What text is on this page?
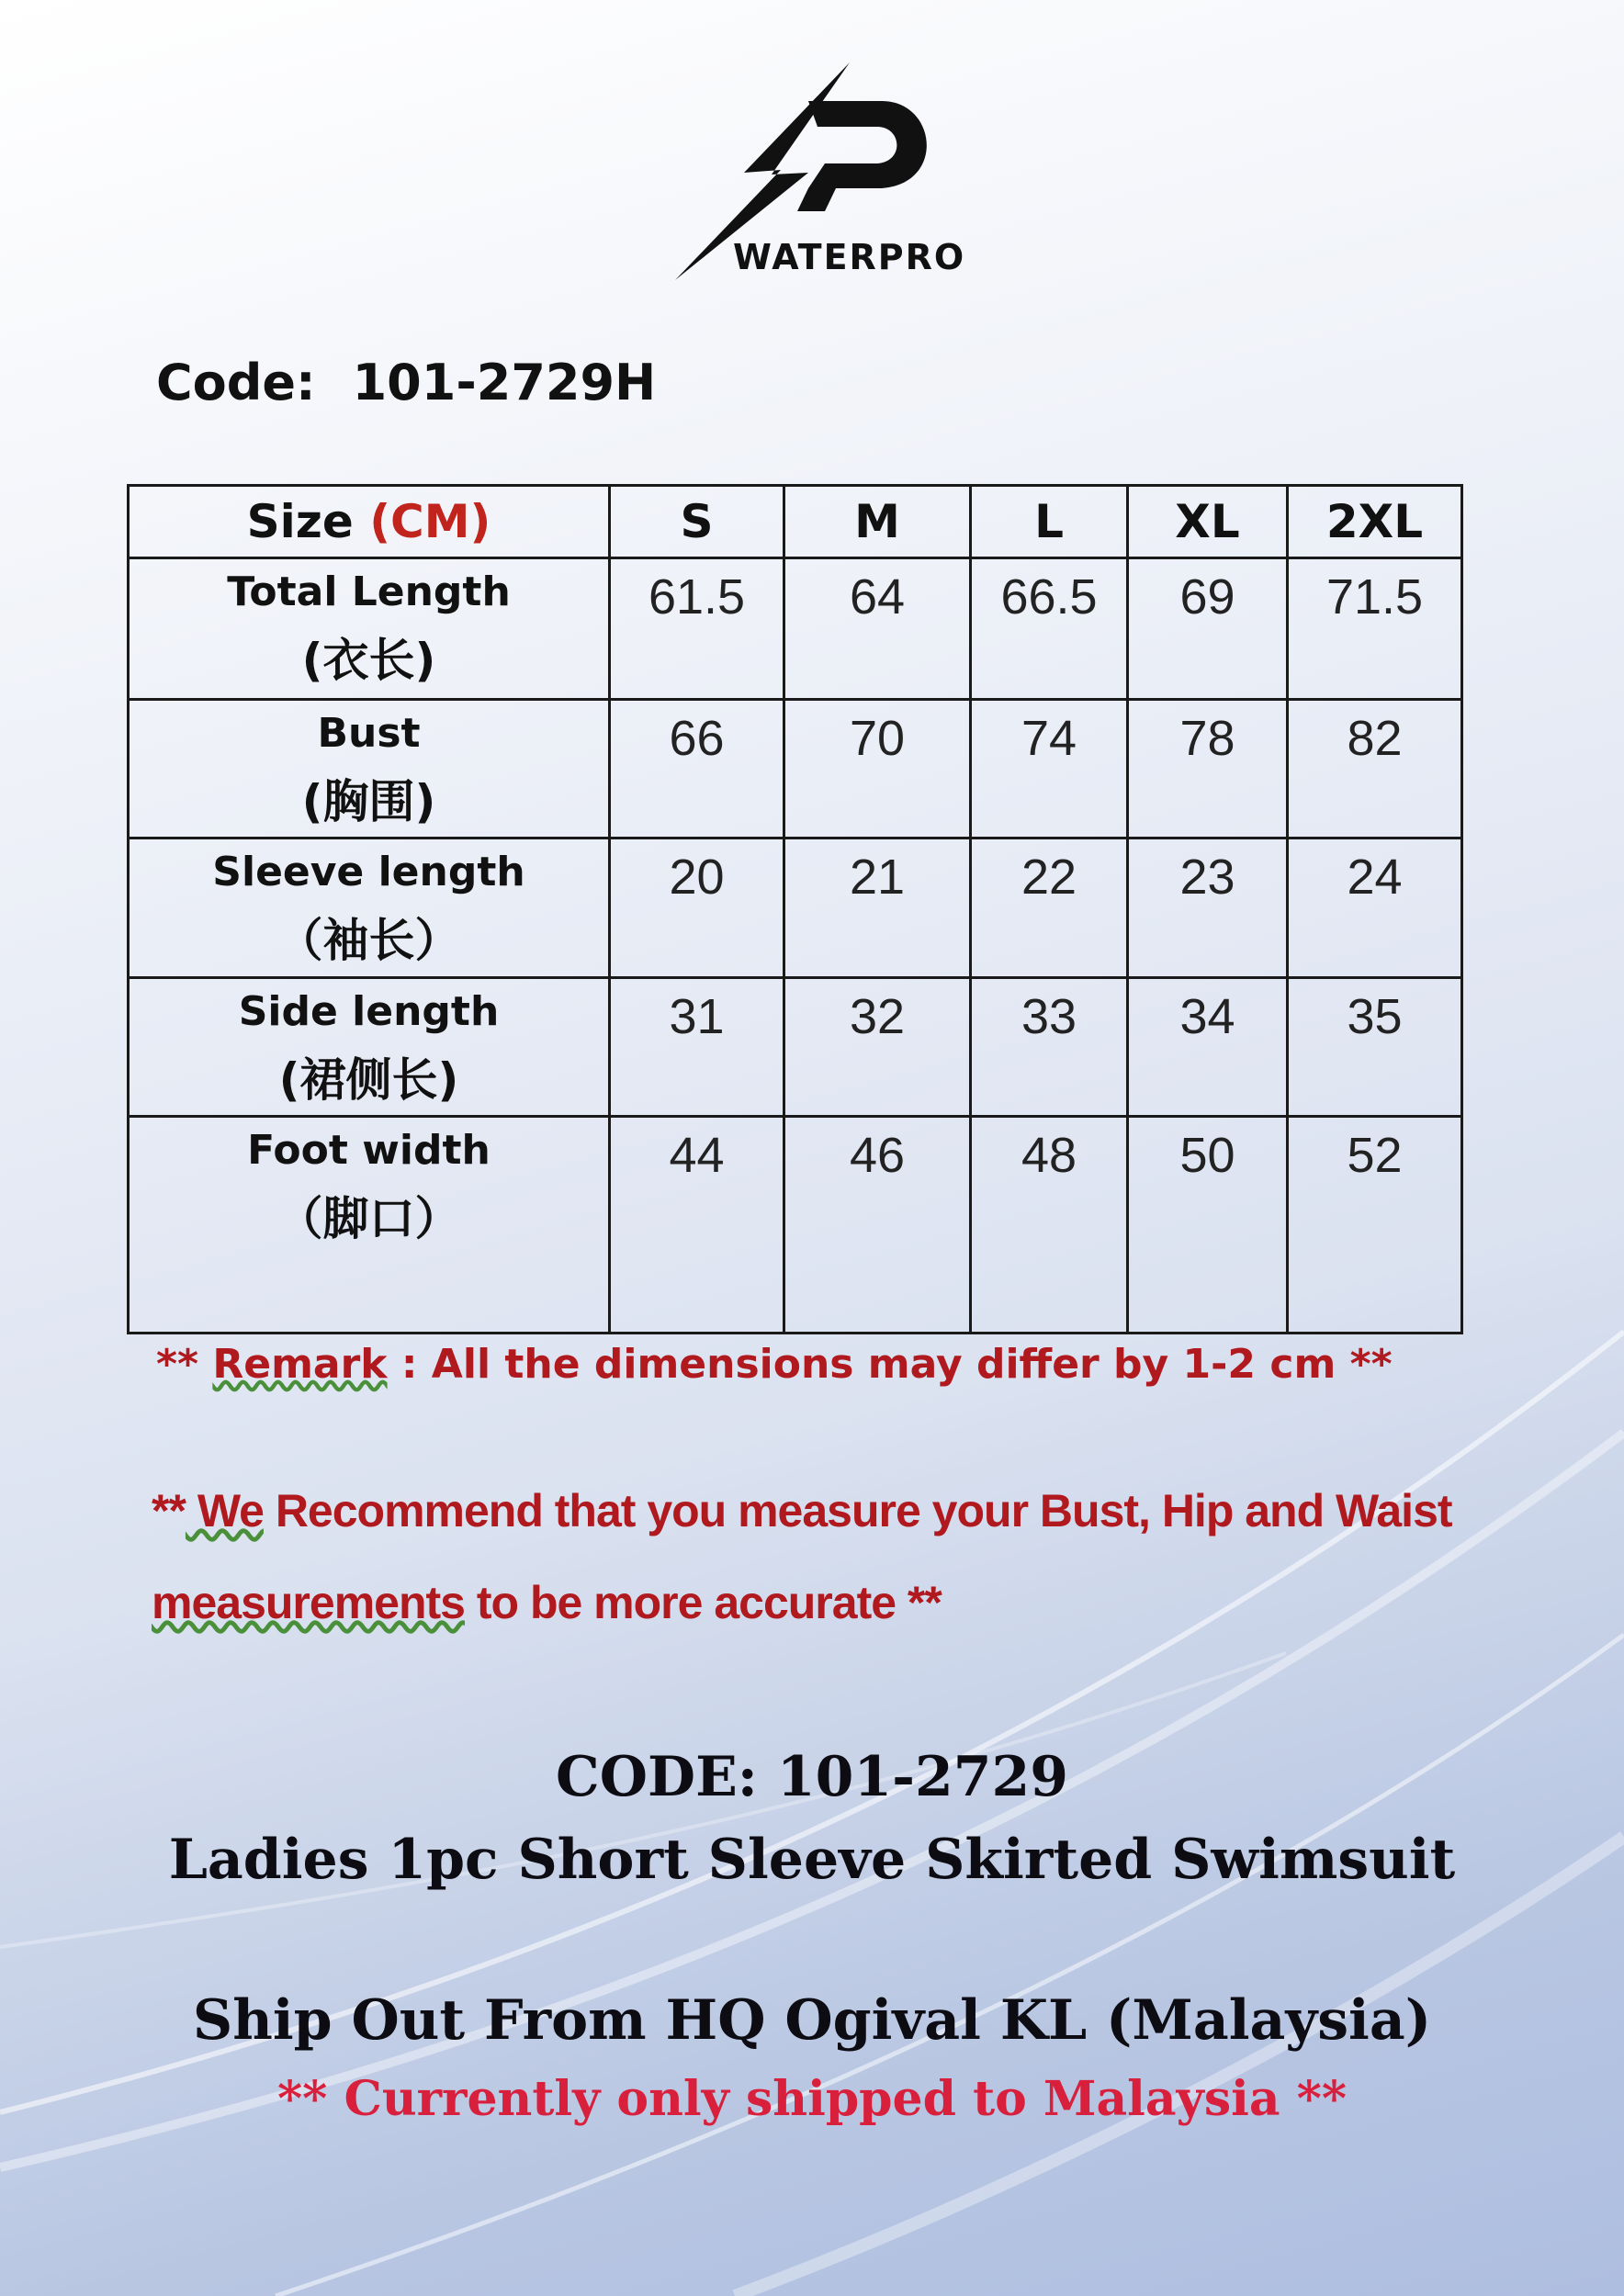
WATERPRO
Code: 101-2729H
Size (CM)	S	M	L	XL	2XL
Total Length
(衣长)	61.5	64	66.5	69	71.5
Bust
(胸围)	66	70	74	78	82
Sleeve length
（袖长）	20	21	22	23	24
Side length
(裙侧长)	31	32	33	34	35
Foot width
（脚口）	44	46	48	50	52
** Remark : All the dimensions may differ by 1-2 cm **
** We Recommend that you measure your Bust, Hip and Waist
measurements to be more accurate **
CODE: 101-2729
Ladies 1pc Short Sleeve Skirted Swimsuit
Ship Out From HQ Ogival KL (Malaysia)
** Currently only shipped to Malaysia **
